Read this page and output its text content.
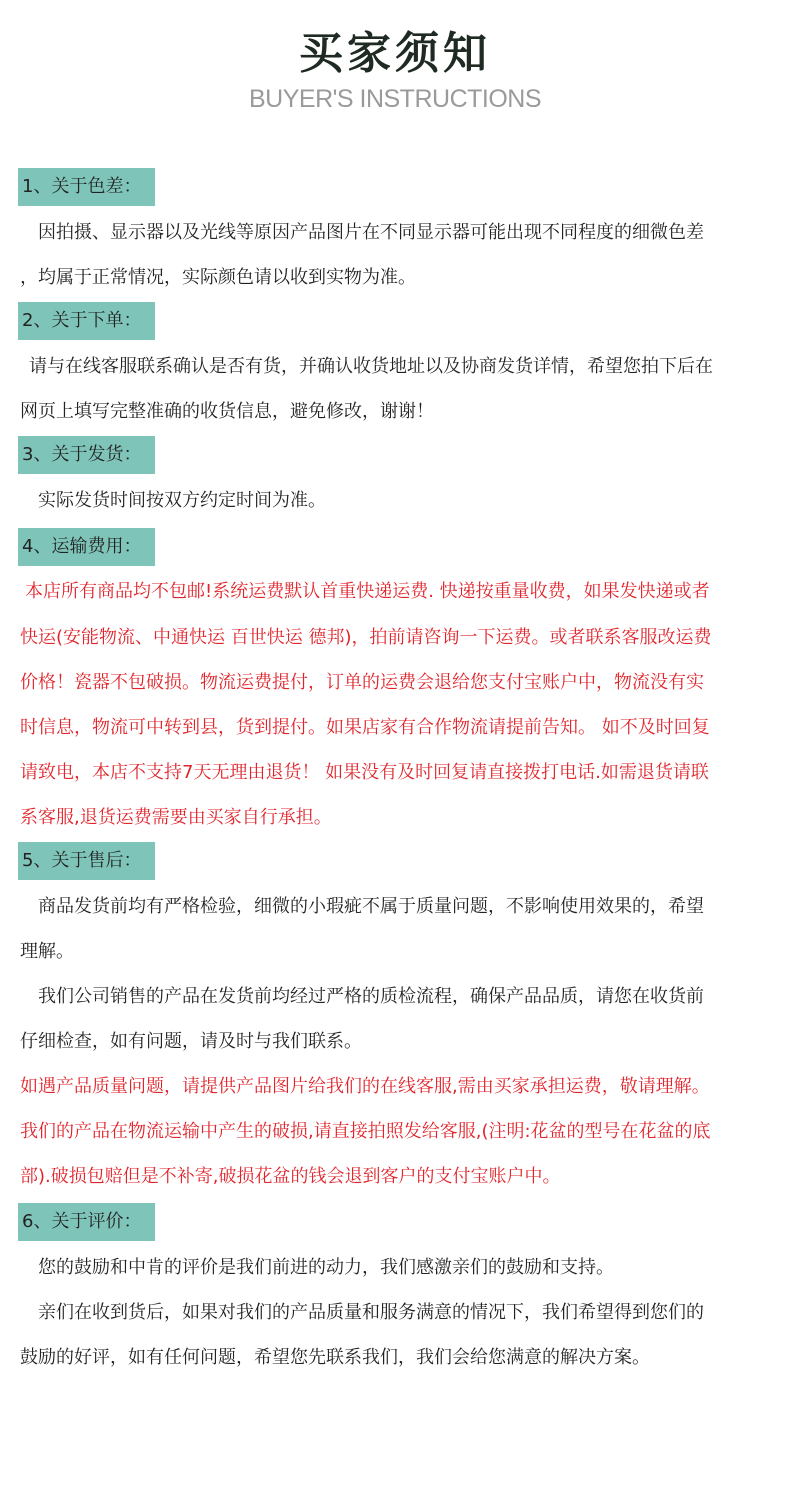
买家须知
BUYER'S INSTRUCTIONS
1、关于色差：
因拍摄、显示器以及光线等原因产品图片在不同显示器可能出现不同程度的细微色差
，均属于正常情况，实际颜色请以收到实物为准。
2、关于下单：
请与在线客服联系确认是否有货，并确认收货地址以及协商发货详情，希望您拍下后在
网页上填写完整准确的收货信息，避免修改，谢谢！
3、关于发货：
实际发货时间按双方约定时间为准。
4、运输费用：
本店所有商品均不包邮!系统运费默认首重快递运费. 快递按重量收费，如果发快递或者
快运(安能物流、中通快运 百世快运 德邦)，拍前请咨询一下运费。或者联系客服改运费
价格！瓷器不包破损。物流运费提付，订单的运费会退给您支付宝账户中，物流没有实
时信息，物流可中转到县，货到提付。如果店家有合作物流请提前告知。 如不及时回复
请致电，本店不支持7天无理由退货！ 如果没有及时回复请直接拨打电话.如需退货请联
系客服,退货运费需要由买家自行承担。
5、关于售后：
商品发货前均有严格检验，细微的小瑕疵不属于质量问题，不影响使用效果的，希望
理解。
我们公司销售的产品在发货前均经过严格的质检流程，确保产品品质，请您在收货前
仔细检查，如有问题，请及时与我们联系。
如遇产品质量问题，请提供产品图片给我们的在线客服,需由买家承担运费，敬请理解。
我们的产品在物流运输中产生的破损,请直接拍照发给客服,(注明:花盆的型号在花盆的底
部).破损包赔但是不补寄,破损花盆的钱会退到客户的支付宝账户中。
6、关于评价：
您的鼓励和中肯的评价是我们前进的动力，我们感激亲们的鼓励和支持。
亲们在收到货后，如果对我们的产品质量和服务满意的情况下，我们希望得到您们的
鼓励的好评，如有任何问题，希望您先联系我们，我们会给您满意的解决方案。
